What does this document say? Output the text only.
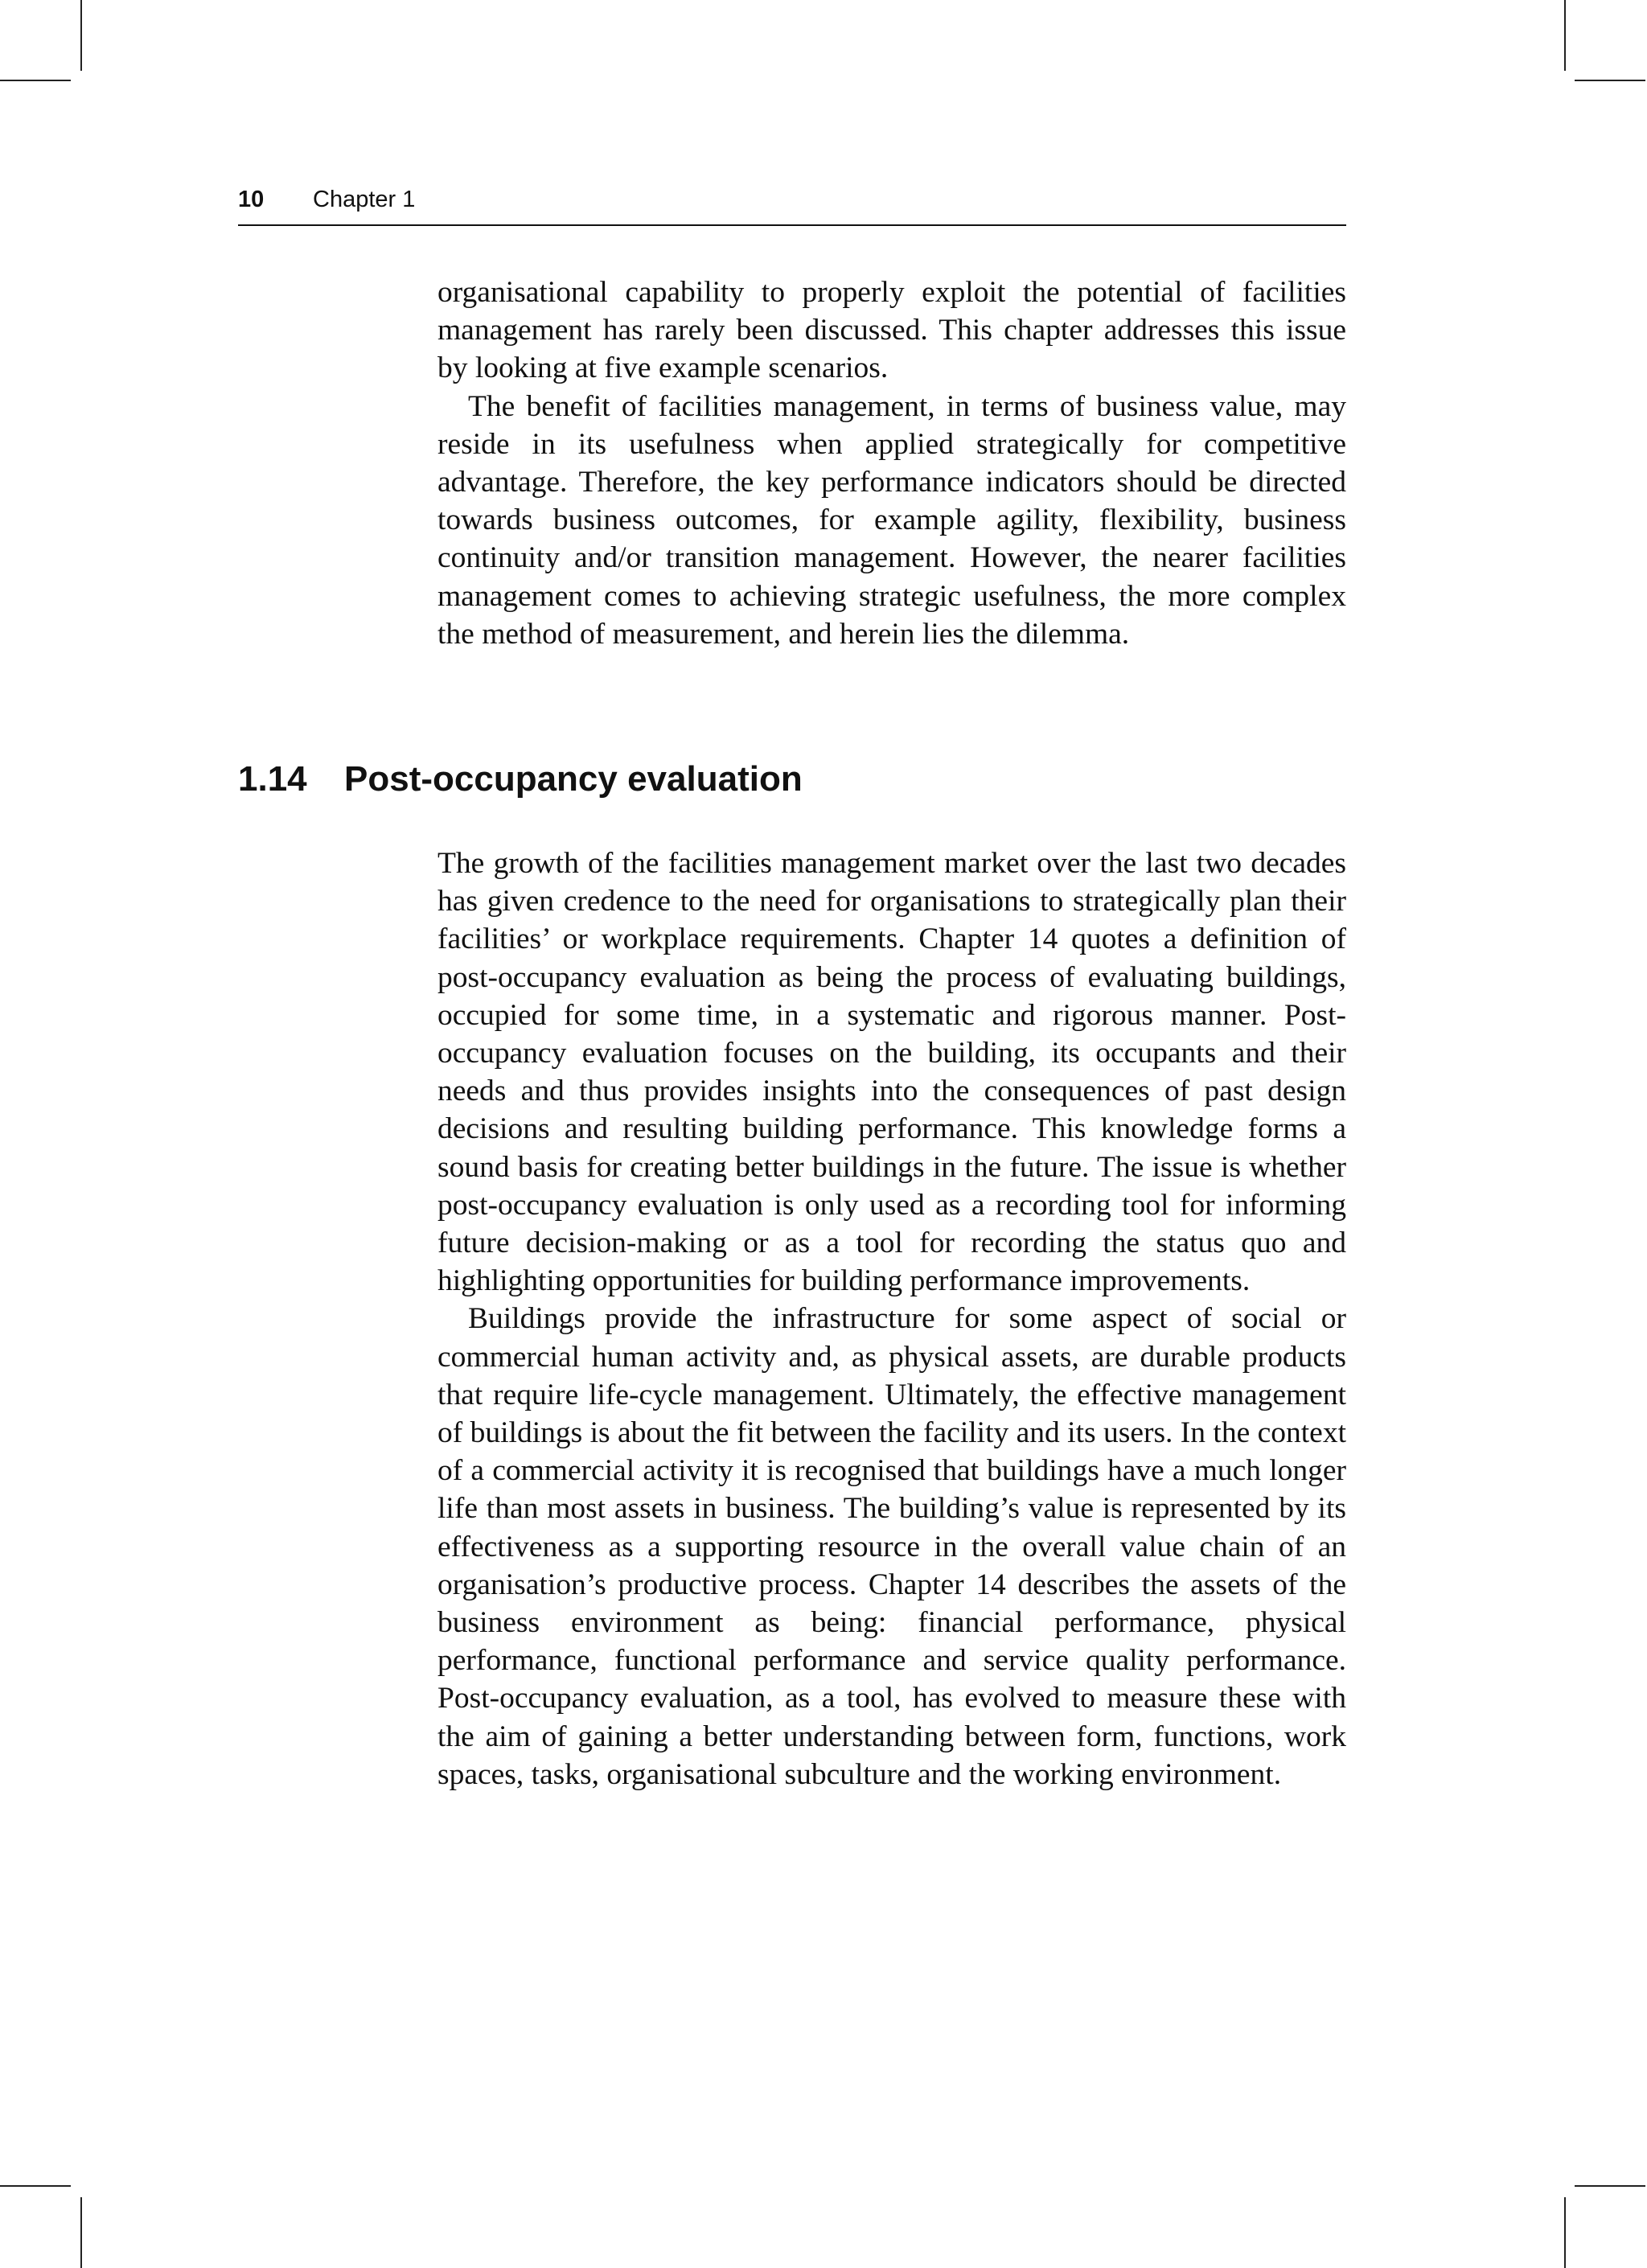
10 Chapter 1

organisational capability to properly exploit the potential of facilities management has rarely been discussed. This chapter addresses this issue by looking at five example scenarios.

The benefit of facilities management, in terms of business value, may reside in its usefulness when applied strategically for competitive advantage. Therefore, the key performance indicators should be directed towards business outcomes, for example agility, flexibility, business continuity and/or transition management. However, the nearer facilities management comes to achieving strategic usefulness, the more complex the method of measurement, and herein lies the dilemma.

1.14 Post-occupancy evaluation

The growth of the facilities management market over the last two decades has given credence to the need for organisations to strategically plan their facilities’ or workplace requirements. Chapter 14 quotes a definition of post-occupancy evaluation as being the process of evaluating buildings, occupied for some time, in a systematic and rigorous manner. Post-occupancy evaluation focuses on the building, its occupants and their needs and thus provides insights into the consequences of past design decisions and resulting building performance. This knowledge forms a sound basis for creating better buildings in the future. The issue is whether post-occupancy evaluation is only used as a recording tool for informing future decision-making or as a tool for recording the status quo and highlighting opportunities for building performance improvements.

Buildings provide the infrastructure for some aspect of social or commercial human activity and, as physical assets, are durable products that require life-cycle management. Ultimately, the effective management of buildings is about the fit between the facility and its users. In the context of a commercial activity it is recognised that buildings have a much longer life than most assets in business. The building’s value is represented by its effectiveness as a supporting resource in the overall value chain of an organisation’s productive process. Chapter 14 describes the assets of the business environment as being: financial performance, physical performance, functional performance and service quality performance. Post-occupancy evaluation, as a tool, has evolved to measure these with the aim of gaining a better understanding between form, functions, work spaces, tasks, organisational subculture and the working environment.
